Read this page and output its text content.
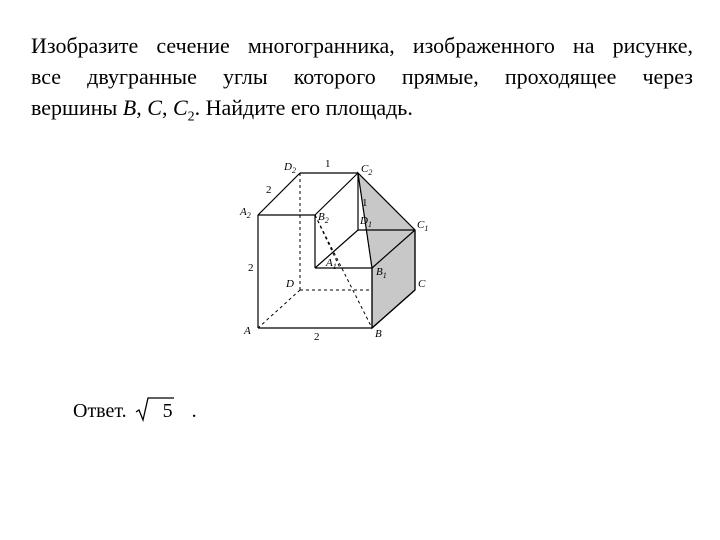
Изобразите сечение многогранника, изображенного на рисунке,
все двугранные углы которого прямые, проходящее через
вершины B, C, $C_2$. Найдите его площадь.
A	B
C
D
$A_2$	$B_2$
$C_2$
$D_2$
$A_1$	$B_1$
$C_1$
$D_1$
1
2
1
2
2
Ответ. 5 .
